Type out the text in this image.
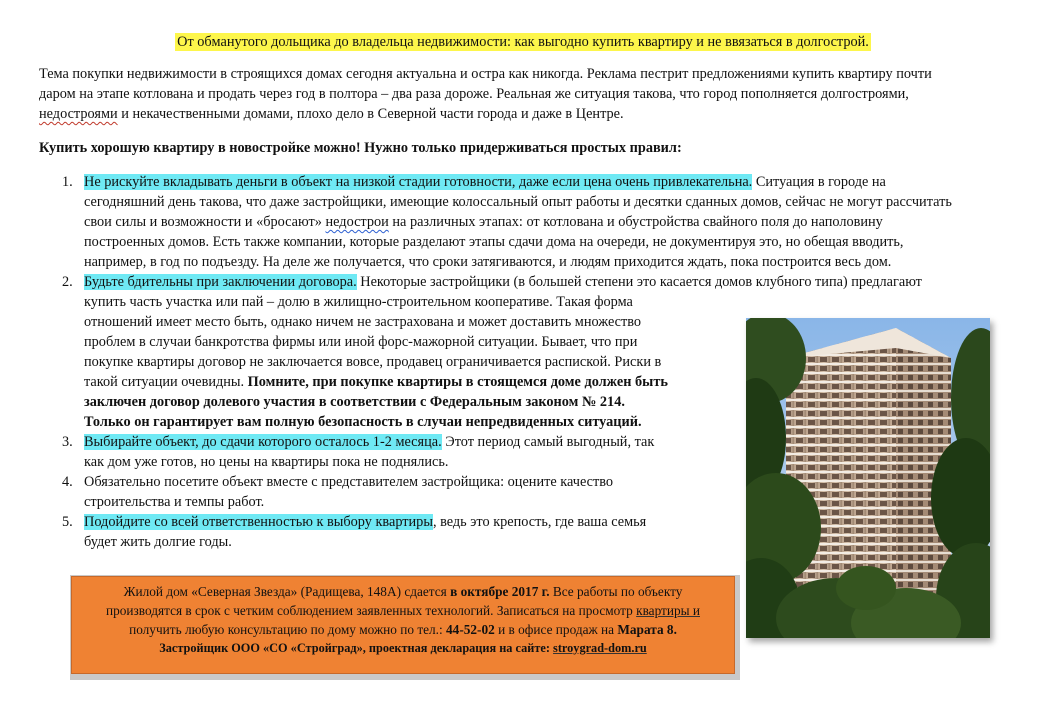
От обманутого дольщика до владельца недвижимости: как выгодно купить квартиру и не ввязаться в долгострой.
Тема покупки недвижимости в строящихся домах сегодня актуальна и остра как никогда. Реклама пестрит предложениями купить квартиру почти
даром на этапе котлована и продать через год в полтора – два раза дороже. Реальная же ситуация такова, что город пополняется долгостроями,
недостроями и некачественными домами, плохо дело в Северной части города и даже в Центре.
Купить хорошую квартиру в новостройке можно! Нужно только придерживаться простых правил:
1. Не рискуйте вкладывать деньги в объект на низкой стадии готовности, даже если цена очень привлекательна. Ситуация в городе на
сегодняшний день такова, что даже застройщики, имеющие колоссальный опыт работы и десятки сданных домов, сейчас не могут рассчитать
свои силы и возможности и «бросают» недострои на различных этапах: от котлована и обустройства свайного поля до наполовину
построенных домов. Есть также компании, которые разделают этапы сдачи дома на очереди, не документируя это, но обещая вводить,
например, в год по подъезду. На деле же получается, что сроки затягиваются, и людям приходится ждать, пока построится весь дом.
2. Будьте бдительны при заключении договора. Некоторые застройщики (в большей степени это касается домов клубного типа) предлагают
купить часть участка или пай – долю в жилищно-строительном кооперативе. Такая форма
отношений имеет место быть, однако ничем не застрахована и может доставить множество
проблем в случаи банкротства фирмы или иной форс-мажорной ситуации. Бывает, что при
покупке квартиры договор не заключается вовсе, продавец ограничивается распиской. Риски в
такой ситуации очевидны. Помните, при покупке квартиры в стоящемся доме должен быть
заключен договор долевого участия в соответствии с Федеральным законом № 214.
Только он гарантирует вам полную безопасность в случаи непредвиденных ситуаций.
3. Выбирайте объект, до сдачи которого осталось 1-2 месяца. Этот период самый выгодный, так
как дом уже готов, но цены на квартиры пока не поднялись.
4. Обязательно посетите объект вместе с представителем застройщика: оцените качество
строительства и темпы работ.
5. Подойдите со всей ответственностью к выбору квартиры, ведь это крепость, где ваша семья
будет жить долгие годы.
Жилой дом «Северная Звезда» (Радищева, 148А) сдается в октябре 2017 г. Все работы по объекту
производятся в срок с четким соблюдением заявленных технологий. Записаться на просмотр квартиры и
получить любую консультацию по дому можно по тел.: 44-52-02 и в офисе продаж на Марата 8.
Застройщик ООО «СО «Стройград», проектная декларация на сайте: stroygrad-dom.ru
